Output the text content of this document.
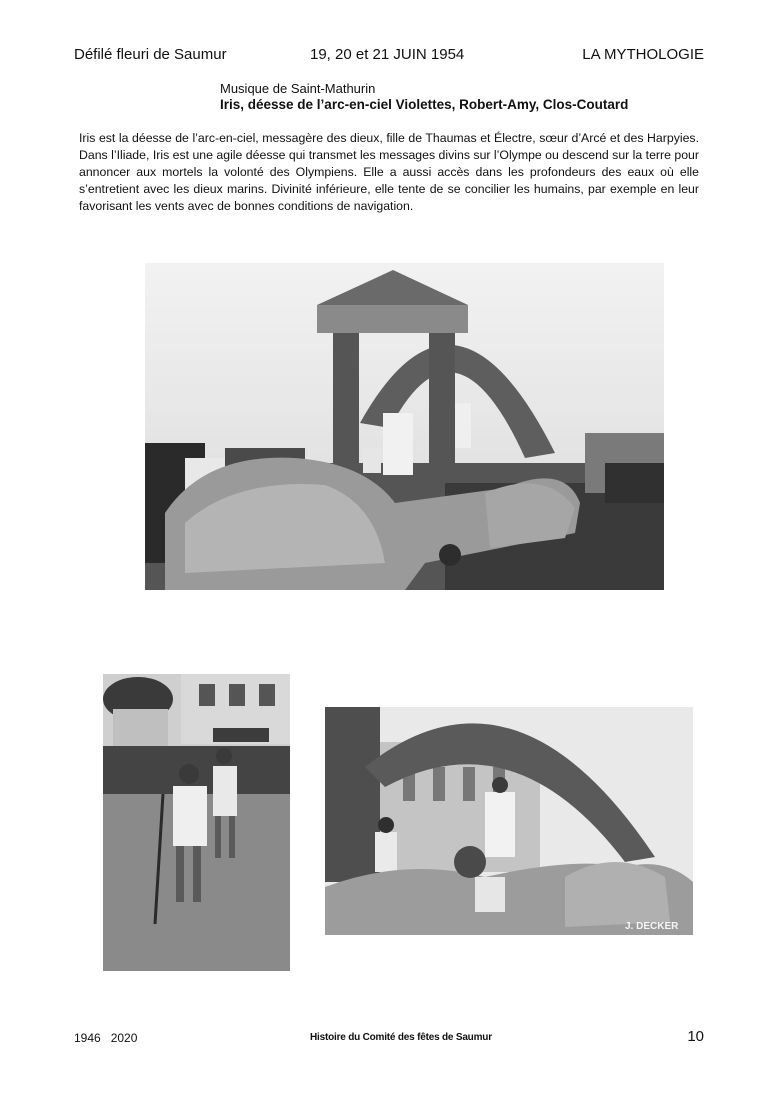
Défilé fleuri de Saumur	19, 20 et 21 JUIN 1954	LA MYTHOLOGIE
Musique de Saint-Mathurin
Iris, déesse de l’arc-en-ciel Violettes, Robert-Amy, Clos-Coutard

Iris est la déesse de l’arc-en-ciel, messagère des dieux, fille de Thaumas et Électre, sœur d’Arcé et des Harpyies. Dans l’Iliade, Iris est une agile déesse qui transmet les messages divins sur l’Olympe ou descend sur la terre pour annoncer aux mortels la volonté des Olympiens. Elle a aussi accès dans les profondeurs des eaux où elle s’entretient avec les dieux marins. Divinité inférieure, elle tente de se concilier les humains, par exemple en leur favorisant les vents avec de bonnes conditions de navigation.

J. DECKER
1946 2020	Histoire du Comité des fêtes de Saumur	10
